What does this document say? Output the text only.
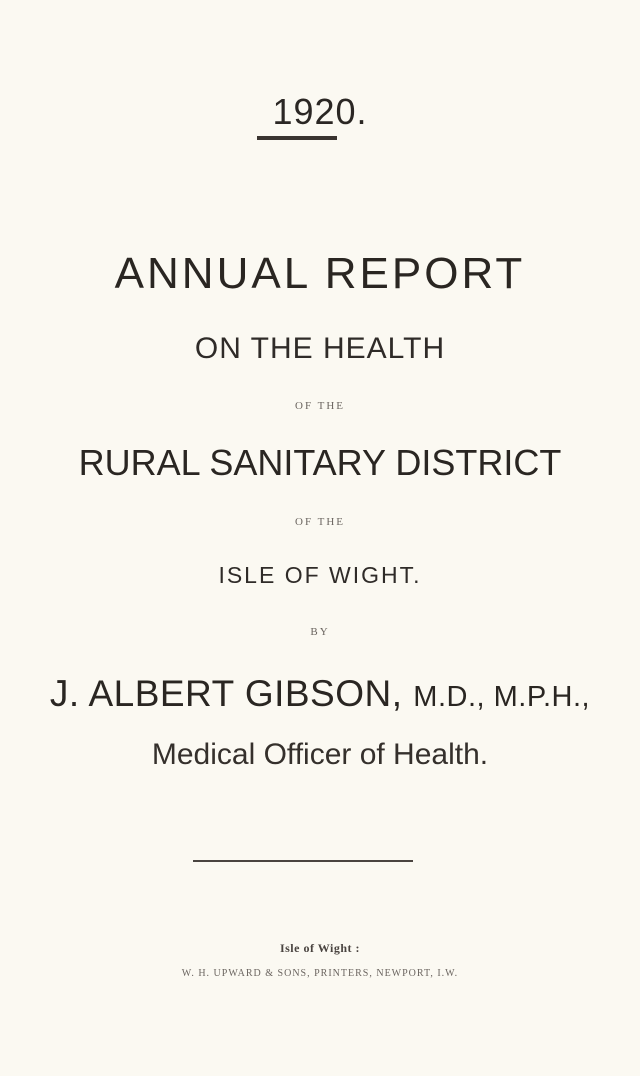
1920.
ANNUAL REPORT
ON THE HEALTH
OF THE
RURAL SANITARY DISTRICT
OF THE
ISLE OF WIGHT.
BY
J. ALBERT GIBSON, M.D., M.P.H.,
Medical Officer of Health.
Isle of Wight :
W. H. UPWARD & SONS, PRINTERS, NEWPORT, I.W.
